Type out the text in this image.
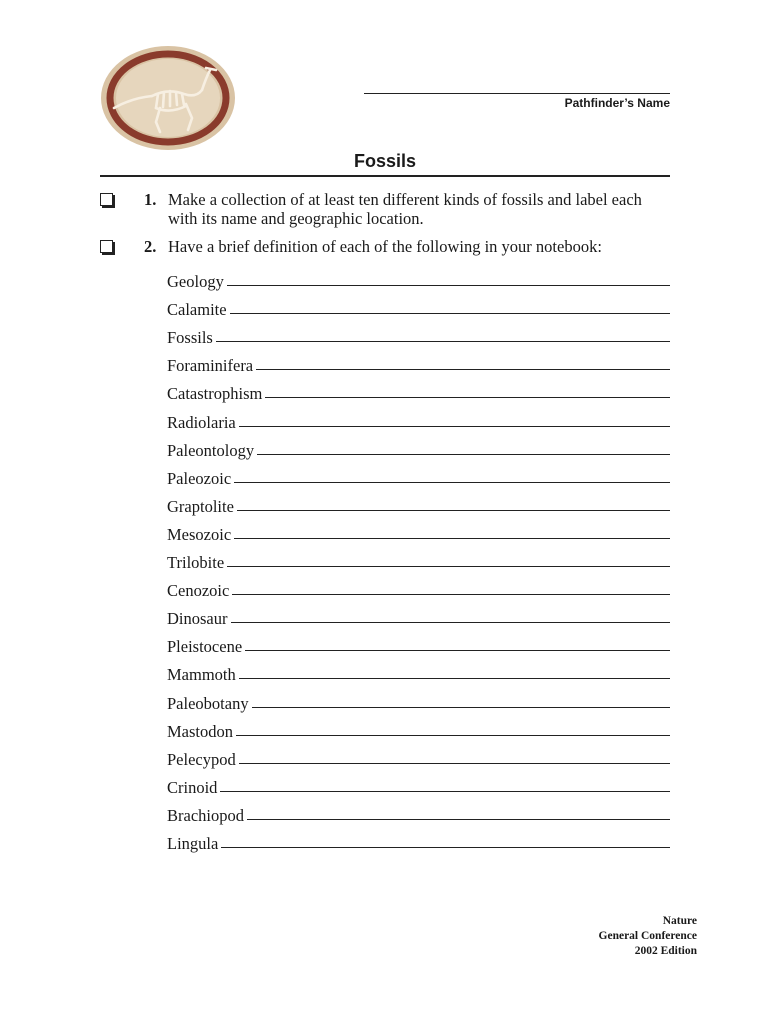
Pathfinder’s Name
Fossils
1. Make a collection of at least ten different kinds of fossils and label each with its name and geographic location.
2. Have a brief definition of each of the following in your notebook:
Geology
Calamite
Fossils
Foraminifera
Catastrophism
Radiolaria
Paleontology
Paleozoic
Graptolite
Mesozoic
Trilobite
Cenozoic
Dinosaur
Pleistocene
Mammoth
Paleobotany
Mastodon
Pelecypod
Crinoid
Brachiopod
Lingula
Nature
General Conference
2002 Edition
